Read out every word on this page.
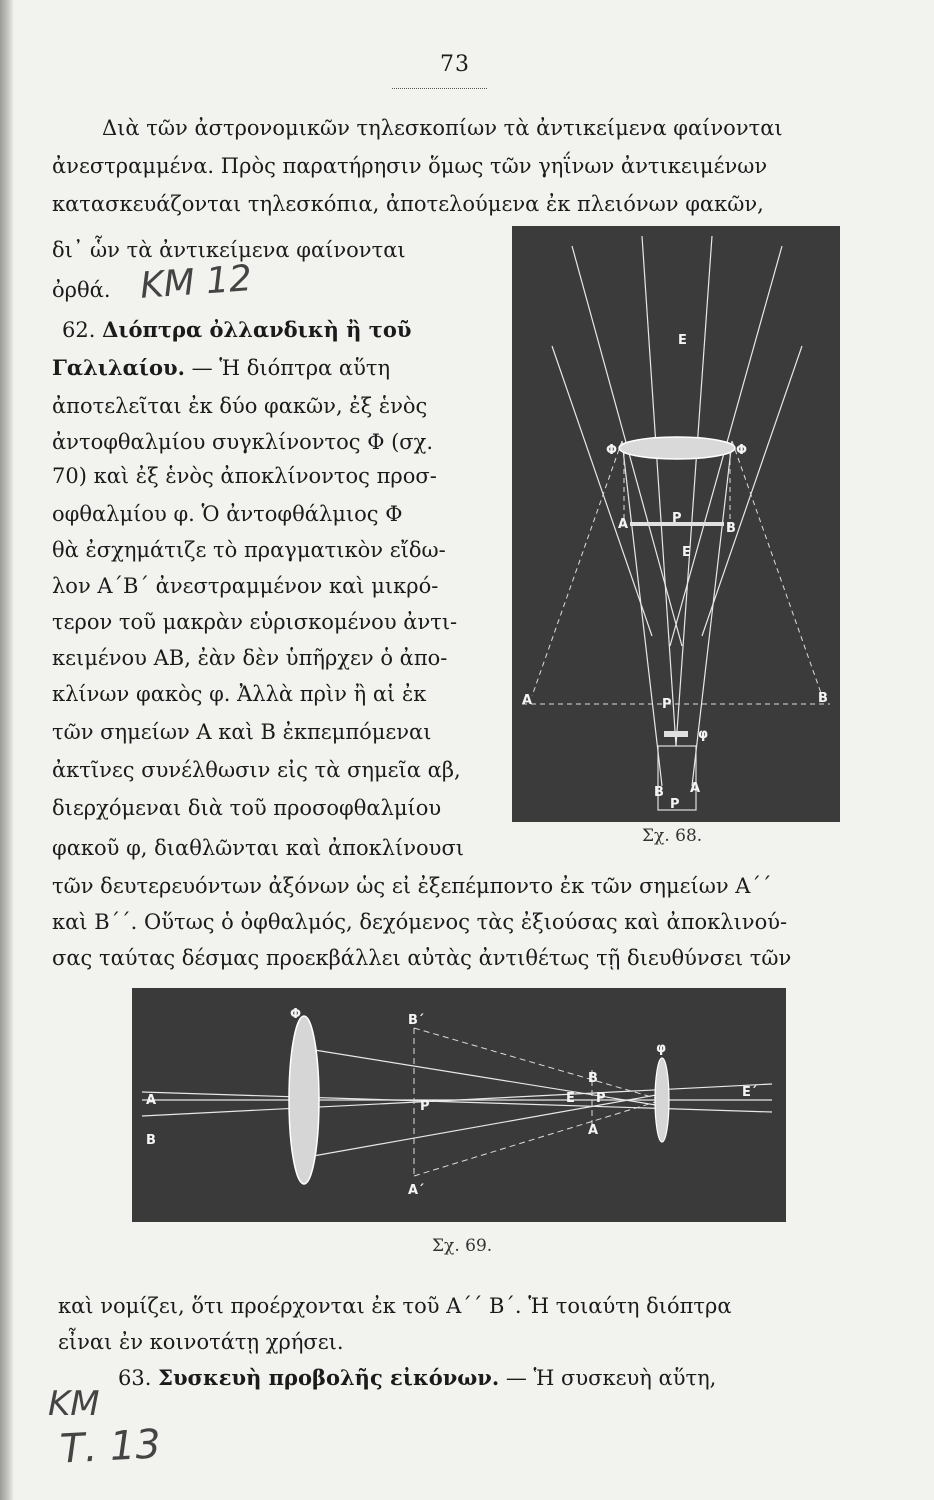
73
Διὰ τῶν ἀστρονομικῶν τηλεσκοπίων τὰ ἀντικείμενα φαίνονται
ἀνεστραμμένα. Πρὸς παρατήρησιν ὅμως τῶν γηΐνων ἀντικειμένων
κατασκευάζονται τηλεσκόπια, ἀποτελούμενα ἐκ πλειόνων φακῶν,
δι᾽ ὧν τὰ ἀντικείμενα φαίνονται
ὀρθά. ΚΜ 12
62. Διόπτρα ὀλλανδικὴ ἢ τοῦ
Γαλιλαίου. — Ἡ διόπτρα αὕτη
ἀποτελεῖται ἐκ δύο φακῶν, ἐξ ἑνὸς
ἀντοφθαλμίου συγκλίνοντος Φ (σχ.
70) καὶ ἐξ ἑνὸς ἀποκλίνοντος προσ-
οφθαλμίου φ. Ὁ ἀντοφθάλμιος Φ
θὰ ἐσχημάτιζε τὸ πραγματικὸν εἴδω-
λον Α΄Β΄ ἀνεστραμμένον καὶ μικρό-
τερον τοῦ μακρὰν εὑρισκομένου ἀντι-
κειμένου ΑΒ, ἐὰν δὲν ὑπῆρχεν ὁ ἀπο-
κλίνων φακὸς φ. Ἀλλὰ πρὶν ἢ αἱ ἐκ
τῶν σημείων Α καὶ Β ἐκπεμπόμεναι
ἀκτῖνες συνέλθωσιν εἰς τὰ σημεῖα αβ,
διερχόμεναι διὰ τοῦ προσοφθαλμίου
φακοῦ φ, διαθλῶνται καὶ ἀποκλίνουσι
Φ	Φ
Α	Β
Α	Β
Ε
Ε
Ρ
Ρ
Ρ
φ
Β Α
Σχ. 68.
τῶν δευτερευόντων ἀξόνων ὡς εἰ ἐξεπέμποντο ἐκ τῶν σημείων Α΄΄
καὶ Β΄΄. Οὕτως ὁ ὀφθαλμός, δεχόμενος τὰς ἐξιούσας καὶ ἀποκλινού-
σας ταύτας δέσμας προεκβάλλει αὐτὰς ἀντιθέτως τῇ διευθύνσει τῶν
Φ	Β΄
Α
Β
Ρ΄
Α΄
Β
Ε Ρ
Α
φ
Ε΄
Σχ. 69.
καὶ νομίζει, ὅτι προέρχονται ἐκ τοῦ Α΄΄ Β΄. Ἡ τοιαύτη διόπτρα
εἶναι ἐν κοινοτάτῃ χρήσει.
63. Συσκευὴ προβολῆς εἰκόνων. — Ἡ συσκευὴ αὕτη,
ΚΜ
Τ. 13
